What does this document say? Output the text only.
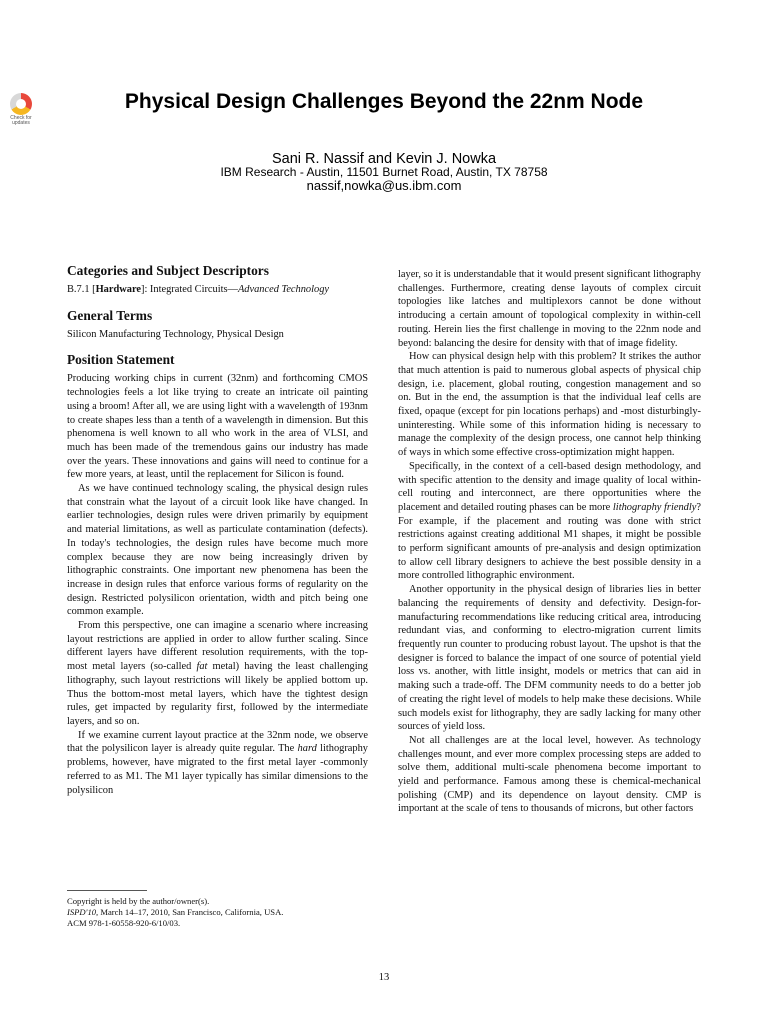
Check for updates
Physical Design Challenges Beyond the 22nm Node
Sani R. Nassif and Kevin J. Nowka
IBM Research - Austin, 11501 Burnet Road, Austin, TX 78758
nassif,nowka@us.ibm.com
Categories and Subject Descriptors
B.7.1 [Hardware]: Integrated Circuits—Advanced Technology
General Terms
Silicon Manufacturing Technology, Physical Design
Position Statement

Producing working chips in current (32nm) and forthcoming CMOS technologies feels a lot like trying to create an intricate oil painting using a broom! After all, we are using light with a wavelength of 193nm to create shapes less than a tenth of a wavelength in dimension. But this phenomena is well known to all who work in the area of VLSI, and much has been made of the tremendous gains our industry has made over the years. These innovations and gains will need to continue for a few more years, at least, until the replacement for Silicon is found.

As we have continued technology scaling, the physical design rules that constrain what the layout of a circuit look like have changed. In earlier technologies, design rules were driven primarily by equipment and material limitations, as well as particulate contamination (defects). In today's technologies, the design rules have become much more complex because they are now being increasingly driven by lithographic constraints. One important new phenomena has been the increase in design rules that enforce various forms of regularity on the design. Restricted polysilicon orientation, width and pitch being one common example.

From this perspective, one can imagine a scenario where increasing layout restrictions are applied in order to allow further scaling. Since different layers have different resolution requirements, with the top-most metal layers (so-called fat metal) having the least challenging lithography, such layout restrictions will likely be applied bottom up. Thus the bottom-most metal layers, which have the tightest design rules, get impacted by regularity first, followed by the intermediate layers, and so on.

If we examine current layout practice at the 32nm node, we observe that the polysilicon layer is already quite regular. The hard lithography problems, however, have migrated to the first metal layer -commonly referred to as M1. The M1 layer typically has similar dimensions to the polysilicon

Copyright is held by the author/owner(s).
ISPD'10, March 14–17, 2010, San Francisco, California, USA.
ACM 978-1-60558-920-6/10/03.

layer, so it is understandable that it would present significant lithography challenges. Furthermore, creating dense layouts of complex circuit topologies like latches and multiplexors cannot be done without introducing a certain amount of topological complexity in within-cell routing. Herein lies the first challenge in moving to the 22nm node and beyond: balancing the desire for density with that of image fidelity.

How can physical design help with this problem? It strikes the author that much attention is paid to numerous global aspects of physical chip design, i.e. placement, global routing, congestion management and so on. But in the end, the assumption is that the individual leaf cells are fixed, opaque (except for pin locations perhaps) and -most disturbingly- uninteresting. While some of this information hiding is necessary to manage the complexity of the design process, one cannot help thinking of ways in which some effective cross-optimization might happen.

Specifically, in the context of a cell-based design methodology, and with specific attention to the density and image quality of local within-cell routing and interconnect, are there opportunities where the placement and detailed routing phases can be more lithography friendly? For example, if the placement and routing was done with strict restrictions against creating additional M1 shapes, it might be possible to perform significant amounts of pre-analysis and design optimization to allow cell library designers to achieve the best possible density in a more controlled lithographic environment.

Another opportunity in the physical design of libraries lies in better balancing the requirements of density and defectivity. Design-for-manufacturing recommendations like reducing critical area, introducing redundant vias, and conforming to electro-migration current limits frequently run counter to producing robust layout. The upshot is that the designer is forced to balance the impact of one source of potential yield loss vs. another, with little insight, models or metrics that can aid in making such a trade-off. The DFM community needs to do a better job of creating the right level of models to help make these decisions. While such models exist for lithography, they are sadly lacking for many other sources of yield loss.

Not all challenges are at the local level, however. As technology challenges mount, and ever more complex processing steps are added to solve them, additional multi-scale phenomena become important to yield and performance. Famous among these is chemical-mechanical polishing (CMP) and its dependence on layout density. CMP is important at the scale of tens to thousands of microns, but other factors

13
